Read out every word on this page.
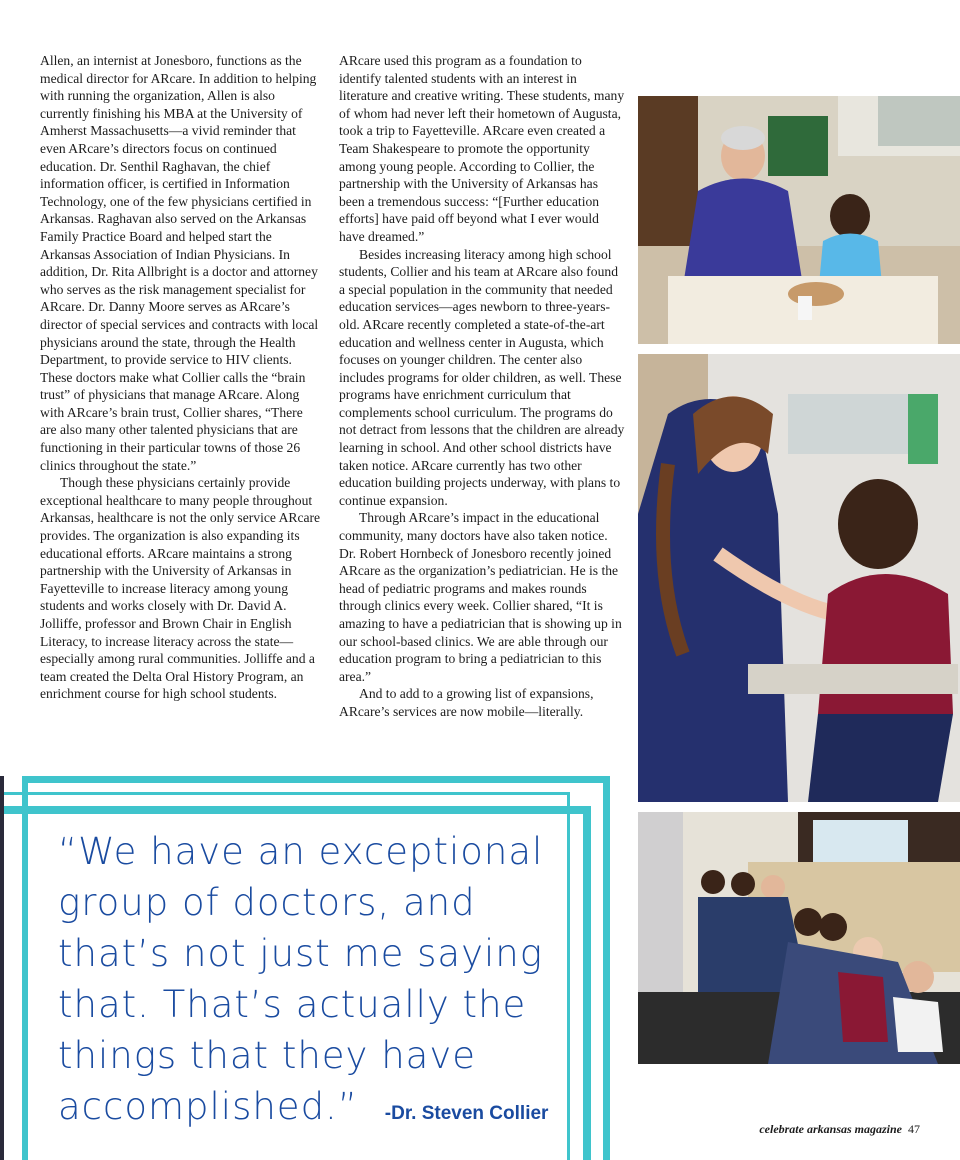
Allen, an internist at Jonesboro, functions as the medical director for ARcare. In addition to helping with running the organization, Allen is also currently finishing his MBA at the University of Amherst Massachusetts—a vivid reminder that even ARcare’s directors focus on continued education. Dr. Senthil Raghavan, the chief information officer, is certified in Information Technology, one of the few physicians certified in Arkansas. Raghavan also served on the Arkansas Family Practice Board and helped start the Arkansas Association of Indian Physicians. In addition, Dr. Rita Allbright is a doctor and attorney who serves as the risk management specialist for ARcare. Dr. Danny Moore serves as ARcare’s director of special services and contracts with local physicians around the state, through the Health Department, to provide service to HIV clients. These doctors make what Collier calls the “brain trust” of physicians that manage ARcare. Along with ARcare’s brain trust, Collier shares, “There are also many other talented physicians that are functioning in their particular towns of those 26 clinics throughout the state.”

Though these physicians certainly provide exceptional healthcare to many people throughout Arkansas, healthcare is not the only service ARcare provides. The organization is also expanding its educational efforts. ARcare maintains a strong partnership with the University of Arkansas in Fayetteville to increase literacy among young students and works closely with Dr. David A. Jolliffe, professor and Brown Chair in English Literacy, to increase literacy across the state—especially among rural communities. Jolliffe and a team created the Delta Oral History Program, an enrichment course for high school students.

ARcare used this program as a foundation to identify talented students with an interest in literature and creative writing. These students, many of whom had never left their hometown of Augusta, took a trip to Fayetteville. ARcare even created a Team Shakespeare to promote the opportunity among young people. According to Collier, the partnership with the University of Arkansas has been a tremendous success: “[Further education efforts] have paid off beyond what I ever would have dreamed.”

Besides increasing literacy among high school students, Collier and his team at ARcare also found a special population in the community that needed education services—ages newborn to three-years-old. ARcare recently completed a state-of-the-art education and wellness center in Augusta, which focuses on younger children. The center also includes programs for older children, as well. These programs have enrichment curriculum that complements school curriculum. The programs do not detract from lessons that the children are already learning in school. And other school districts have taken notice. ARcare currently has two other education building projects underway, with plans to continue expansion.

Through ARcare’s impact in the educational community, many doctors have also taken notice. Dr. Robert Hornbeck of Jonesboro recently joined ARcare as the organization’s pediatrician. He is the head of pediatric programs and makes rounds through clinics every week. Collier shared, “It is amazing to have a pediatrician that is showing up in our school-based clinics. We are able through our education program to bring a pediatrician to this area.”

And to add to a growing list of expansions, ARcare’s services are now mobile—literally.

“We have an exceptional group of doctors, and that’s not just me saying that. That’s actually the things that they have accomplished.” -Dr. Steven Collier
celebrate arkansas magazine 47
